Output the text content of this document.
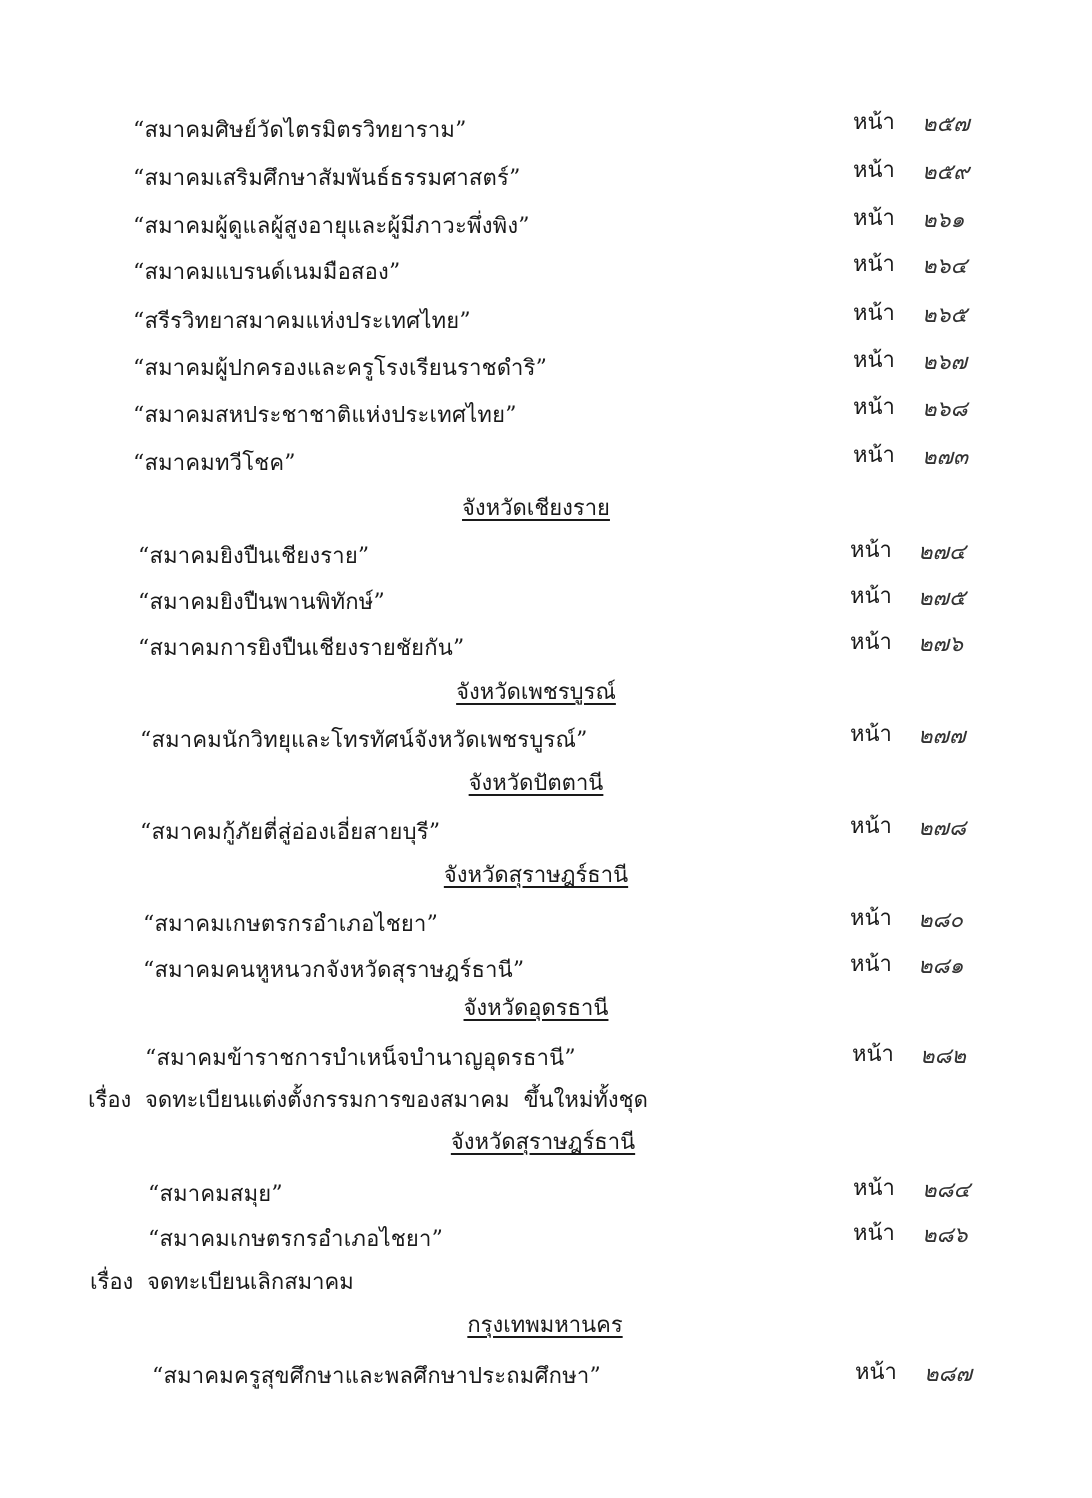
“สมาคมศิษย์วัดไตรมิตรวิทยาราม”	หน้า ๒๕๗
“สมาคมเสริมศึกษาสัมพันธ์ธรรมศาสตร์”	หน้า ๒๕๙
“สมาคมผู้ดูแลผู้สูงอายุและผู้มีภาวะพึ่งพิง”	หน้า ๒๖๑
“สมาคมแบรนด์เนมมือสอง”	หน้า ๒๖๔
“สรีรวิทยาสมาคมแห่งประเทศไทย”	หน้า ๒๖๕
“สมาคมผู้ปกครองและครูโรงเรียนราชดำริ”	หน้า ๒๖๗
“สมาคมสหประชาชาติแห่งประเทศไทย”	หน้า ๒๖๘
“สมาคมทวีโชค”	หน้า ๒๗๓
จังหวัดเชียงราย
“สมาคมยิงปืนเชียงราย”	หน้า ๒๗๔
“สมาคมยิงปืนพานพิทักษ์”	หน้า ๒๗๕
“สมาคมการยิงปืนเชียงรายชัยกัน”	หน้า ๒๗๖
จังหวัดเพชรบูรณ์
“สมาคมนักวิทยุและโทรทัศน์จังหวัดเพชรบูรณ์”	หน้า ๒๗๗
จังหวัดปัตตานี
“สมาคมกู้ภัยตี่สู่อ่องเอี่ยสายบุรี”	หน้า ๒๗๘
จังหวัดสุราษฎร์ธานี
“สมาคมเกษตรกรอำเภอไชยา”	หน้า ๒๘๐
“สมาคมคนหูหนวกจังหวัดสุราษฎร์ธานี”	หน้า ๒๘๑
จังหวัดอุดรธานี
“สมาคมข้าราชการบำเหน็จบำนาญอุดรธานี”	หน้า ๒๘๒
เรื่อง จดทะเบียนแต่งตั้งกรรมการของสมาคม  ขึ้นใหม่ทั้งชุด
จังหวัดสุราษฎร์ธานี
“สมาคมสมุย”	หน้า ๒๘๔
“สมาคมเกษตรกรอำเภอไชยา”	หน้า ๒๘๖
เรื่อง จดทะเบียนเลิกสมาคม
กรุงเทพมหานคร
“สมาคมครูสุขศึกษาและพลศึกษาประถมศึกษา”	หน้า ๒๘๗
